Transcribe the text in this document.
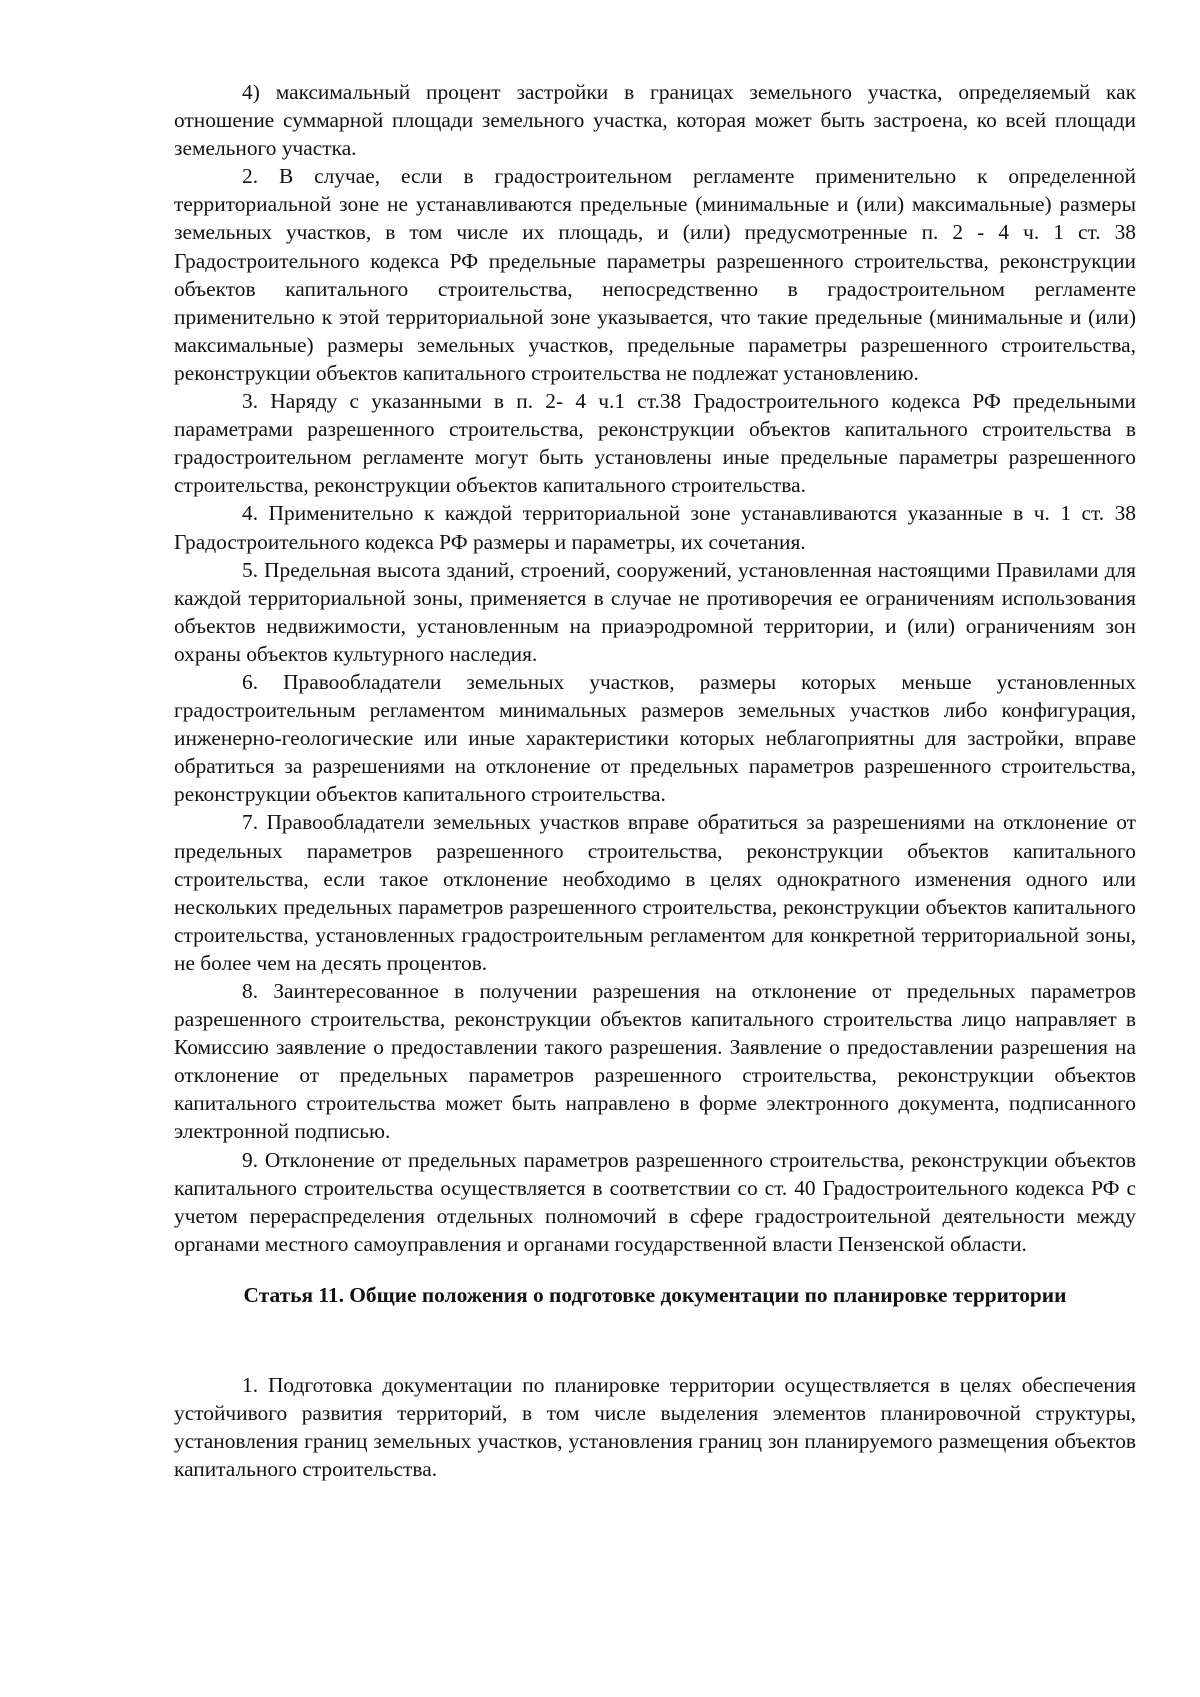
4) максимальный процент застройки в границах земельного участка, определяемый как отношение суммарной площади земельного участка, которая может быть застроена, ко всей площади земельного участка.

2. В случае, если в градостроительном регламенте применительно к определенной территориальной зоне не устанавливаются предельные (минимальные и (или) максимальные) размеры земельных участков, в том числе их площадь, и (или) предусмотренные п. 2 - 4 ч. 1 ст. 38 Градостроительного кодекса РФ предельные параметры разрешенного строительства, реконструкции объектов капитального строительства, непосредственно в градостроительном регламенте применительно к этой территориальной зоне указывается, что такие предельные (минимальные и (или) максимальные) размеры земельных участков, предельные параметры разрешенного строительства, реконструкции объектов капитального строительства не подлежат установлению.

3. Наряду с указанными в п. 2- 4 ч.1 ст.38 Градостроительного кодекса РФ предельными параметрами разрешенного строительства, реконструкции объектов капитального строительства в градостроительном регламенте могут быть установлены иные предельные параметры разрешенного строительства, реконструкции объектов капитального строительства.

4. Применительно к каждой территориальной зоне устанавливаются указанные в ч. 1 ст. 38 Градостроительного кодекса РФ размеры и параметры, их сочетания.

5. Предельная высота зданий, строений, сооружений, установленная настоящими Правилами для каждой территориальной зоны, применяется в случае не противоречия ее ограничениям использования объектов недвижимости, установленным на приаэродромной территории, и (или) ограничениям зон охраны объектов культурного наследия.

6. Правообладатели земельных участков, размеры которых меньше установленных градостроительным регламентом минимальных размеров земельных участков либо конфигурация, инженерно-геологические или иные характеристики которых неблагоприятны для застройки, вправе обратиться за разрешениями на отклонение от предельных параметров разрешенного строительства, реконструкции объектов капитального строительства.

7. Правообладатели земельных участков вправе обратиться за разрешениями на отклонение от предельных параметров разрешенного строительства, реконструкции объектов капитального строительства, если такое отклонение необходимо в целях однократного изменения одного или нескольких предельных параметров разрешенного строительства, реконструкции объектов капитального строительства, установленных градостроительным регламентом для конкретной территориальной зоны, не более чем на десять процентов.

8. Заинтересованное в получении разрешения на отклонение от предельных параметров разрешенного строительства, реконструкции объектов капитального строительства лицо направляет в Комиссию заявление о предоставлении такого разрешения. Заявление о предоставлении разрешения на отклонение от предельных параметров разрешенного строительства, реконструкции объектов капитального строительства может быть направлено в форме электронного документа, подписанного электронной подписью.

9. Отклонение от предельных параметров разрешенного строительства, реконструкции объектов капитального строительства осуществляется в соответствии со ст. 40 Градостроительного кодекса РФ с учетом перераспределения отдельных полномочий в сфере градостроительной деятельности между органами местного самоуправления и органами государственной власти Пензенской области.

Статья 11. Общие положения о подготовке документации по планировке территории

1. Подготовка документации по планировке территории осуществляется в целях обеспечения устойчивого развития территорий, в том числе выделения элементов планировочной структуры, установления границ земельных участков, установления границ зон планируемого размещения объектов капитального строительства.
